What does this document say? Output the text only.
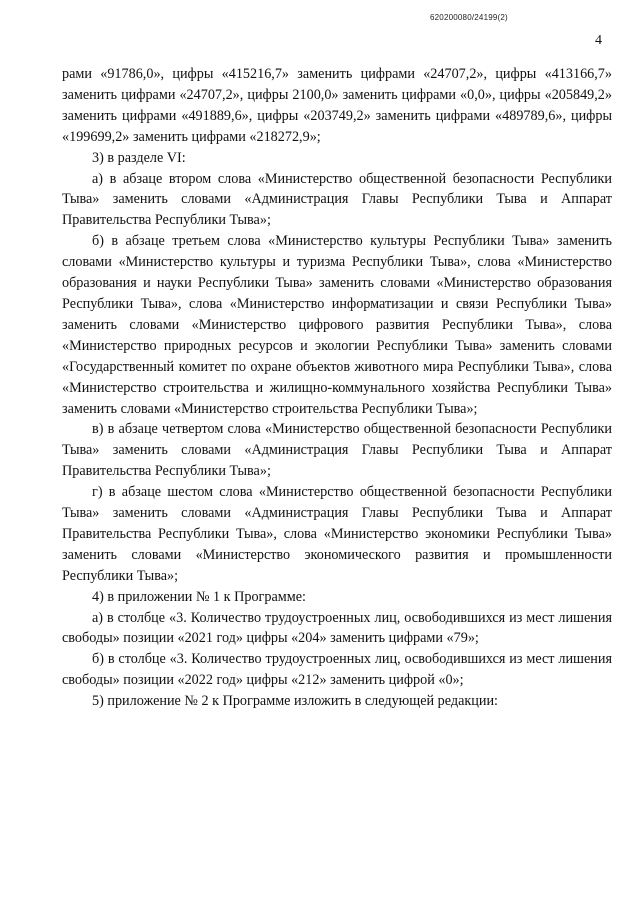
620200080/24199(2)
4

рами «91786,0», цифры «415216,7» заменить цифрами «24707,2», цифры «413166,7» заменить цифрами «24707,2», цифры 2100,0» заменить цифрами «0,0», цифры «205849,2» заменить цифрами «491889,6», цифры «203749,2» заменить цифрами «489789,6», цифры «199699,2» заменить цифрами «218272,9»;

3) в разделе VI:

а) в абзаце втором слова «Министерство общественной безопасности Республики Тыва» заменить словами «Администрация Главы Республики Тыва и Аппарат Правительства Республики Тыва»;

б) в абзаце третьем слова «Министерство культуры Республики Тыва» заменить словами «Министерство культуры и туризма Республики Тыва», слова «Министерство образования и науки Республики Тыва» заменить словами «Министерство образования Республики Тыва», слова «Министерство информатизации и связи Республики Тыва» заменить словами «Министерство цифрового развития Республики Тыва», слова «Министерство природных ресурсов и экологии Республики Тыва» заменить словами «Государственный комитет по охране объектов животного мира Республики Тыва», слова «Министерство строительства и жилищно-коммунального хозяйства Республики Тыва» заменить словами «Министерство строительства Республики Тыва»;

в) в абзаце четвертом слова «Министерство общественной безопасности Республики Тыва» заменить словами «Администрация Главы Республики Тыва и Аппарат Правительства Республики Тыва»;

г) в абзаце шестом слова «Министерство общественной безопасности Республики Тыва» заменить словами «Администрация Главы Республики Тыва и Аппарат Правительства Республики Тыва», слова «Министерство экономики Республики Тыва» заменить словами «Министерство экономического развития и промышленности Республики Тыва»;

4) в приложении № 1 к Программе:

а) в столбце «3. Количество трудоустроенных лиц, освободившихся из мест лишения свободы» позиции «2021 год» цифры «204» заменить цифрами «79»;

б) в столбце «3. Количество трудоустроенных лиц, освободившихся из мест лишения свободы» позиции «2022 год» цифры «212» заменить цифрой «0»;

5) приложение № 2 к Программе изложить в следующей редакции:
